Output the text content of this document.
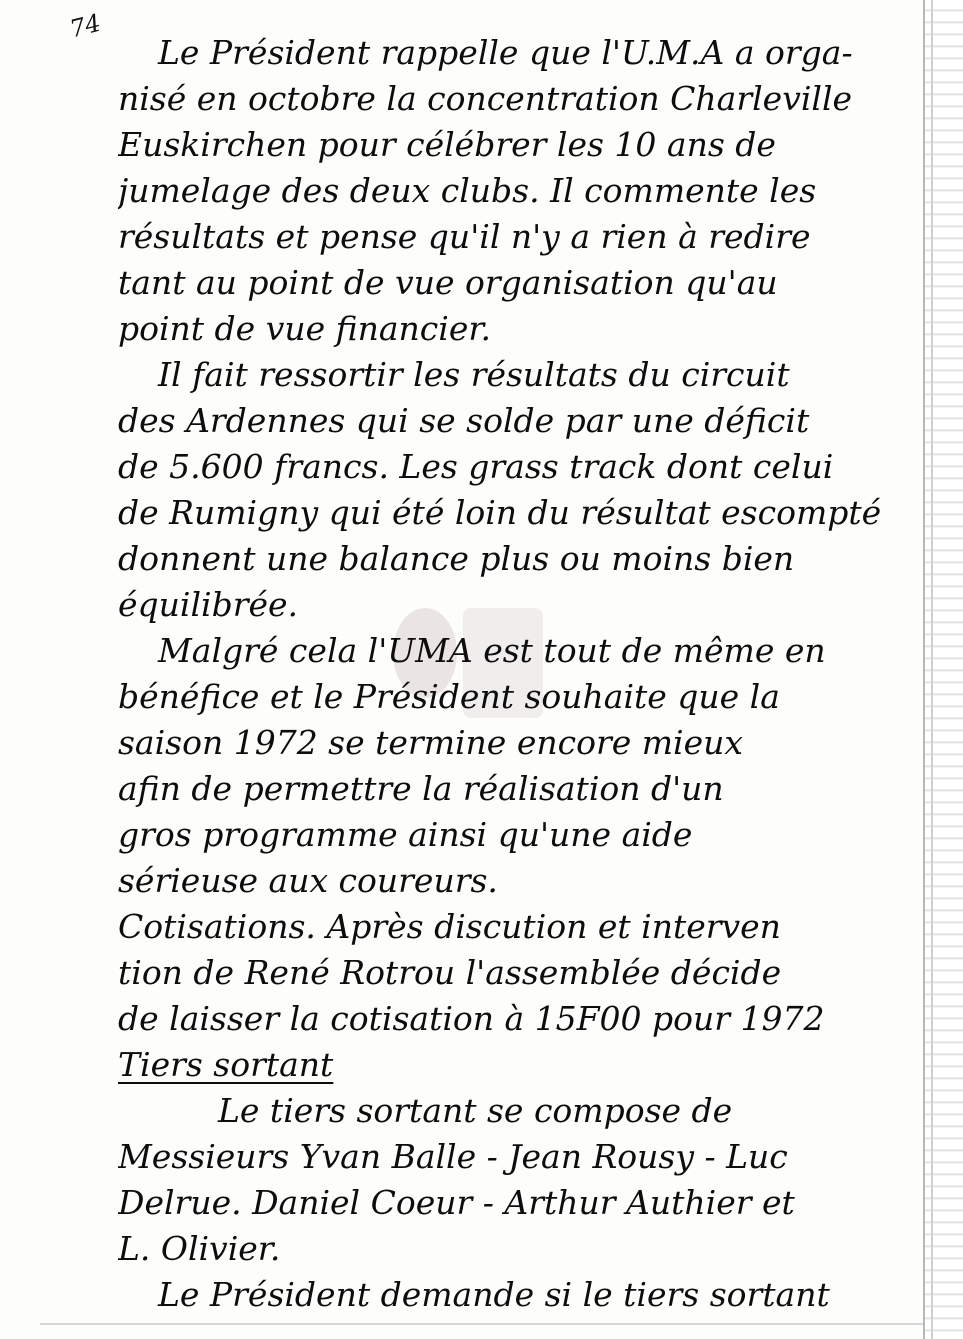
74
Le Président rappelle que l'U.M.A a orga-
nisé en octobre la concentration Charleville
Euskirchen pour célébrer les 10 ans de
jumelage des deux clubs. Il commente les
résultats et pense qu'il n'y a rien à redire
tant au point de vue organisation qu'au
point de vue financier.
Il fait ressortir les résultats du circuit
des Ardennes qui se solde par une déficit
de 5.600 francs. Les grass track dont celui
de Rumigny qui été loin du résultat escompté
donnent une balance plus ou moins bien
équilibrée.
Malgré cela l'UMA est tout de même en
bénéfice et le Président souhaite que la
saison 1972 se termine encore mieux
afin de permettre la réalisation d'un
gros programme ainsi qu'une aide
sérieuse aux coureurs.
Cotisations. Après discution et interven
tion de René Rotrou l'assemblée décide
de laisser la cotisation à 15F00 pour 1972
Tiers sortant
Le tiers sortant se compose de
Messieurs Yvan Balle - Jean Rousy - Luc
Delrue. Daniel Coeur - Arthur Authier et
L. Olivier.
Le Président demande si le tiers sortant
